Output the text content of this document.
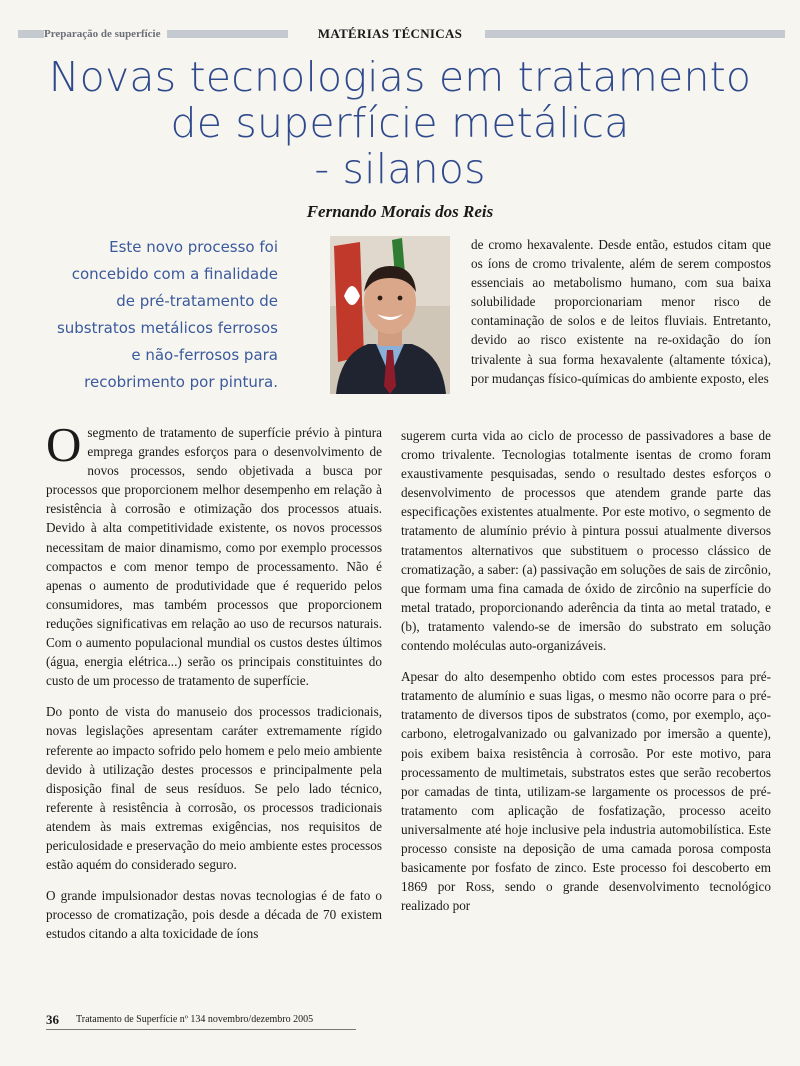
Preparação de superfície	MATÉRIAS TÉCNICAS
Novas tecnologias em tratamento
de superfície metálica
- silanos
Fernando Morais dos Reis
Este novo processo foi
concebido com a finalidade
de pré-tratamento de
substratos metálicos ferrosos
e não-ferrosos para
recobrimento por pintura.

de cromo hexavalente. Desde então, estudos citam que os íons de cromo trivalente, além de serem compostos essenciais ao metabolismo humano, com sua baixa solubilidade proporcionariam menor risco de contaminação de solos e de leitos fluviais. Entretanto, devido ao risco existente na re-oxidação do íon trivalente à sua forma hexavalente (altamente tóxica), por mudanças físico-químicas do ambiente exposto, eles

Osegmento de tratamento de superfície prévio à pintura emprega grandes esforços para o desenvolvimento de novos processos, sendo objetivada a busca por processos que proporcionem melhor desempenho em relação à resistência à corrosão e otimização dos processos atuais. Devido à alta competitividade existente, os novos processos necessitam de maior dinamismo, como por exemplo processos compactos e com menor tempo de processamento. Não é apenas o aumento de produtividade que é requerido pelos consumidores, mas também processos que proporcionem reduções significativas em relação ao uso de recursos naturais. Com o aumento populacional mundial os custos destes últimos (água, energia elétrica...) serão os principais constituintes do custo de um processo de tratamento de superfície.

Do ponto de vista do manuseio dos processos tradicionais, novas legislações apresentam caráter extremamente rígido referente ao impacto sofrido pelo homem e pelo meio ambiente devido à utilização destes processos e principalmente pela disposição final de seus resíduos. Se pelo lado técnico, referente à resistência à corrosão, os processos tradicionais atendem às mais extremas exigências, nos requisitos de periculosidade e preservação do meio ambiente estes processos estão aquém do considerado seguro.

O grande impulsionador destas novas tecnologias é de fato o processo de cromatização, pois desde a década de 70 existem estudos citando a alta toxicidade de íons

sugerem curta vida ao ciclo de processo de passivadores a base de cromo trivalente. Tecnologias totalmente isentas de cromo foram exaustivamente pesquisadas, sendo o resultado destes esforços o desenvolvimento de processos que atendem grande parte das especificações existentes atualmente. Por este motivo, o segmento de tratamento de alumínio prévio à pintura possui atualmente diversos tratamentos alternativos que substituem o processo clássico de cromatização, a saber: (a) passivação em soluções de sais de zircônio, que formam uma fina camada de óxido de zircônio na superfície do metal tratado, proporcionando aderência da tinta ao metal tratado, e (b), tratamento valendo-se de imersão do substrato em solução contendo moléculas auto-organizáveis.

Apesar do alto desempenho obtido com estes processos para pré-tratamento de alumínio e suas ligas, o mesmo não ocorre para o pré-tratamento de diversos tipos de substratos (como, por exemplo, aço-carbono, eletrogalvanizado ou galvanizado por imersão a quente), pois exibem baixa resistência à corrosão. Por este motivo, para processamento de multimetais, substratos estes que serão recobertos por camadas de tinta, utilizam-se largamente os processos de pré-tratamento com aplicação de fosfatização, processo aceito universalmente até hoje inclusive pela industria automobilística. Este processo consiste na deposição de uma camada porosa composta basicamente por fosfato de zinco. Este processo foi descoberto em 1869 por Ross, sendo o grande desenvolvimento tecnológico realizado por

36 Tratamento de Superfície nº 134 novembro/dezembro 2005
